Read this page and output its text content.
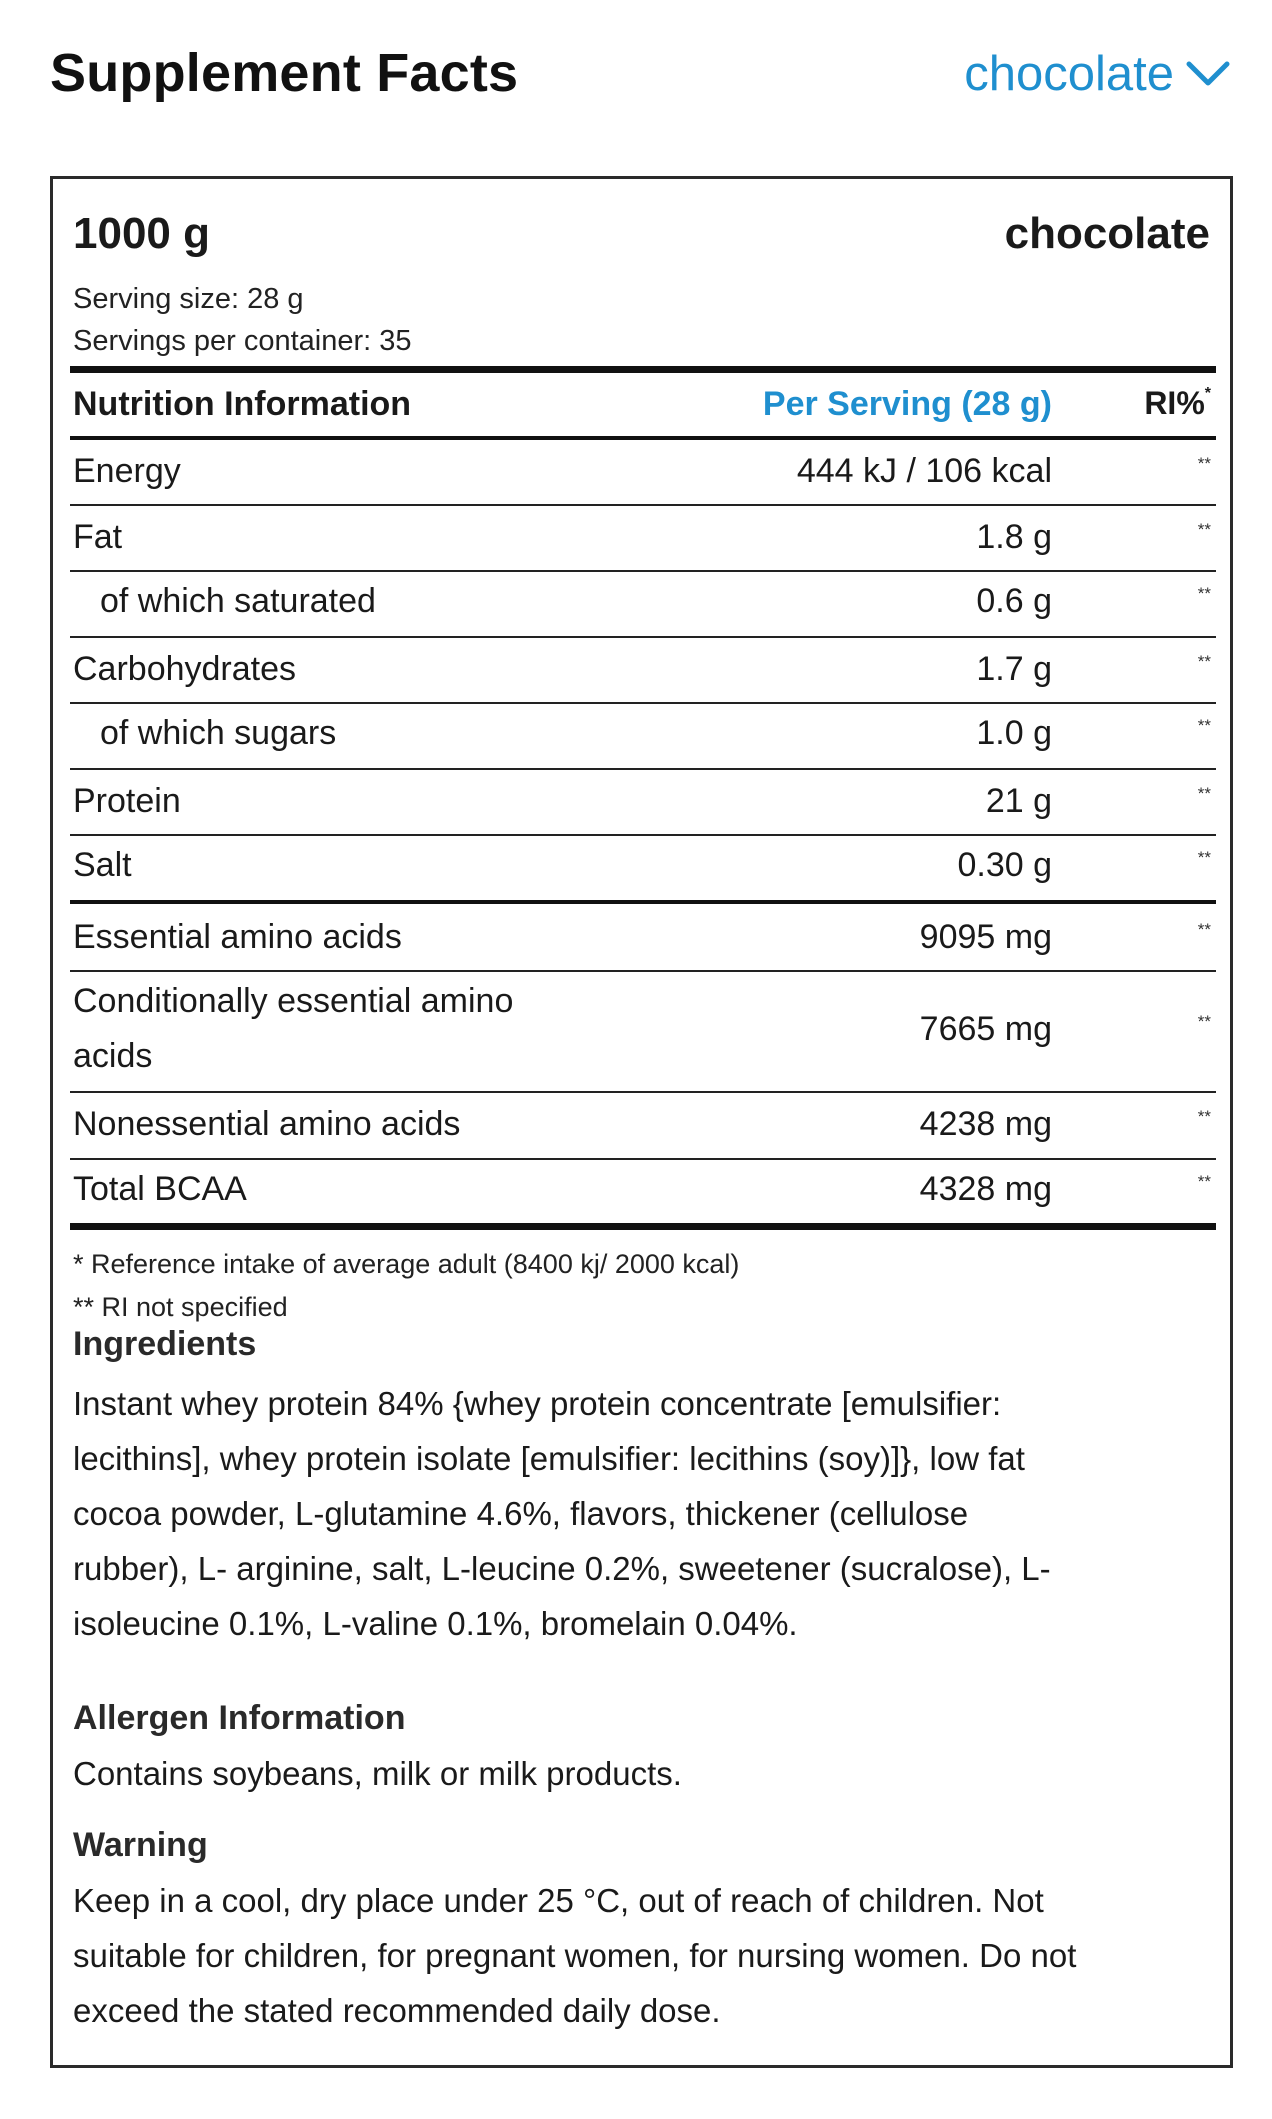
Supplement Facts	chocolate
1000 g	chocolate
Serving size: 28 g
Servings per container: 35
Nutrition Information	Per Serving (28 g)	RI%*
Energy	444 kJ / 106 kcal	**
Fat	1.8 g	**
of which saturated	0.6 g	**
Carbohydrates	1.7 g	**
of which sugars	1.0 g	**
Protein	21 g	**
Salt	0.30 g	**
Essential amino acids	9095 mg	**
Conditionally essential amino
acids
7665 mg	**
Nonessential amino acids	4238 mg	**
Total BCAA	4328 mg	**
* Reference intake of average adult (8400 kj/ 2000 kcal)
** RI not specified
Ingredients
Instant whey protein 84% {whey protein concentrate [emulsifier:
lecithins], whey protein isolate [emulsifier: lecithins (soy)]}, low fat
cocoa powder, L-glutamine 4.6%, flavors, thickener (cellulose
rubber), L- arginine, salt, L-leucine 0.2%, sweetener (sucralose), L-
isoleucine 0.1%, L-valine 0.1%, bromelain 0.04%.
Allergen Information
Contains soybeans, milk or milk products.
Warning
Keep in a cool, dry place under 25 °C, out of reach of children. Not
suitable for children, for pregnant women, for nursing women. Do not
exceed the stated recommended daily dose.
